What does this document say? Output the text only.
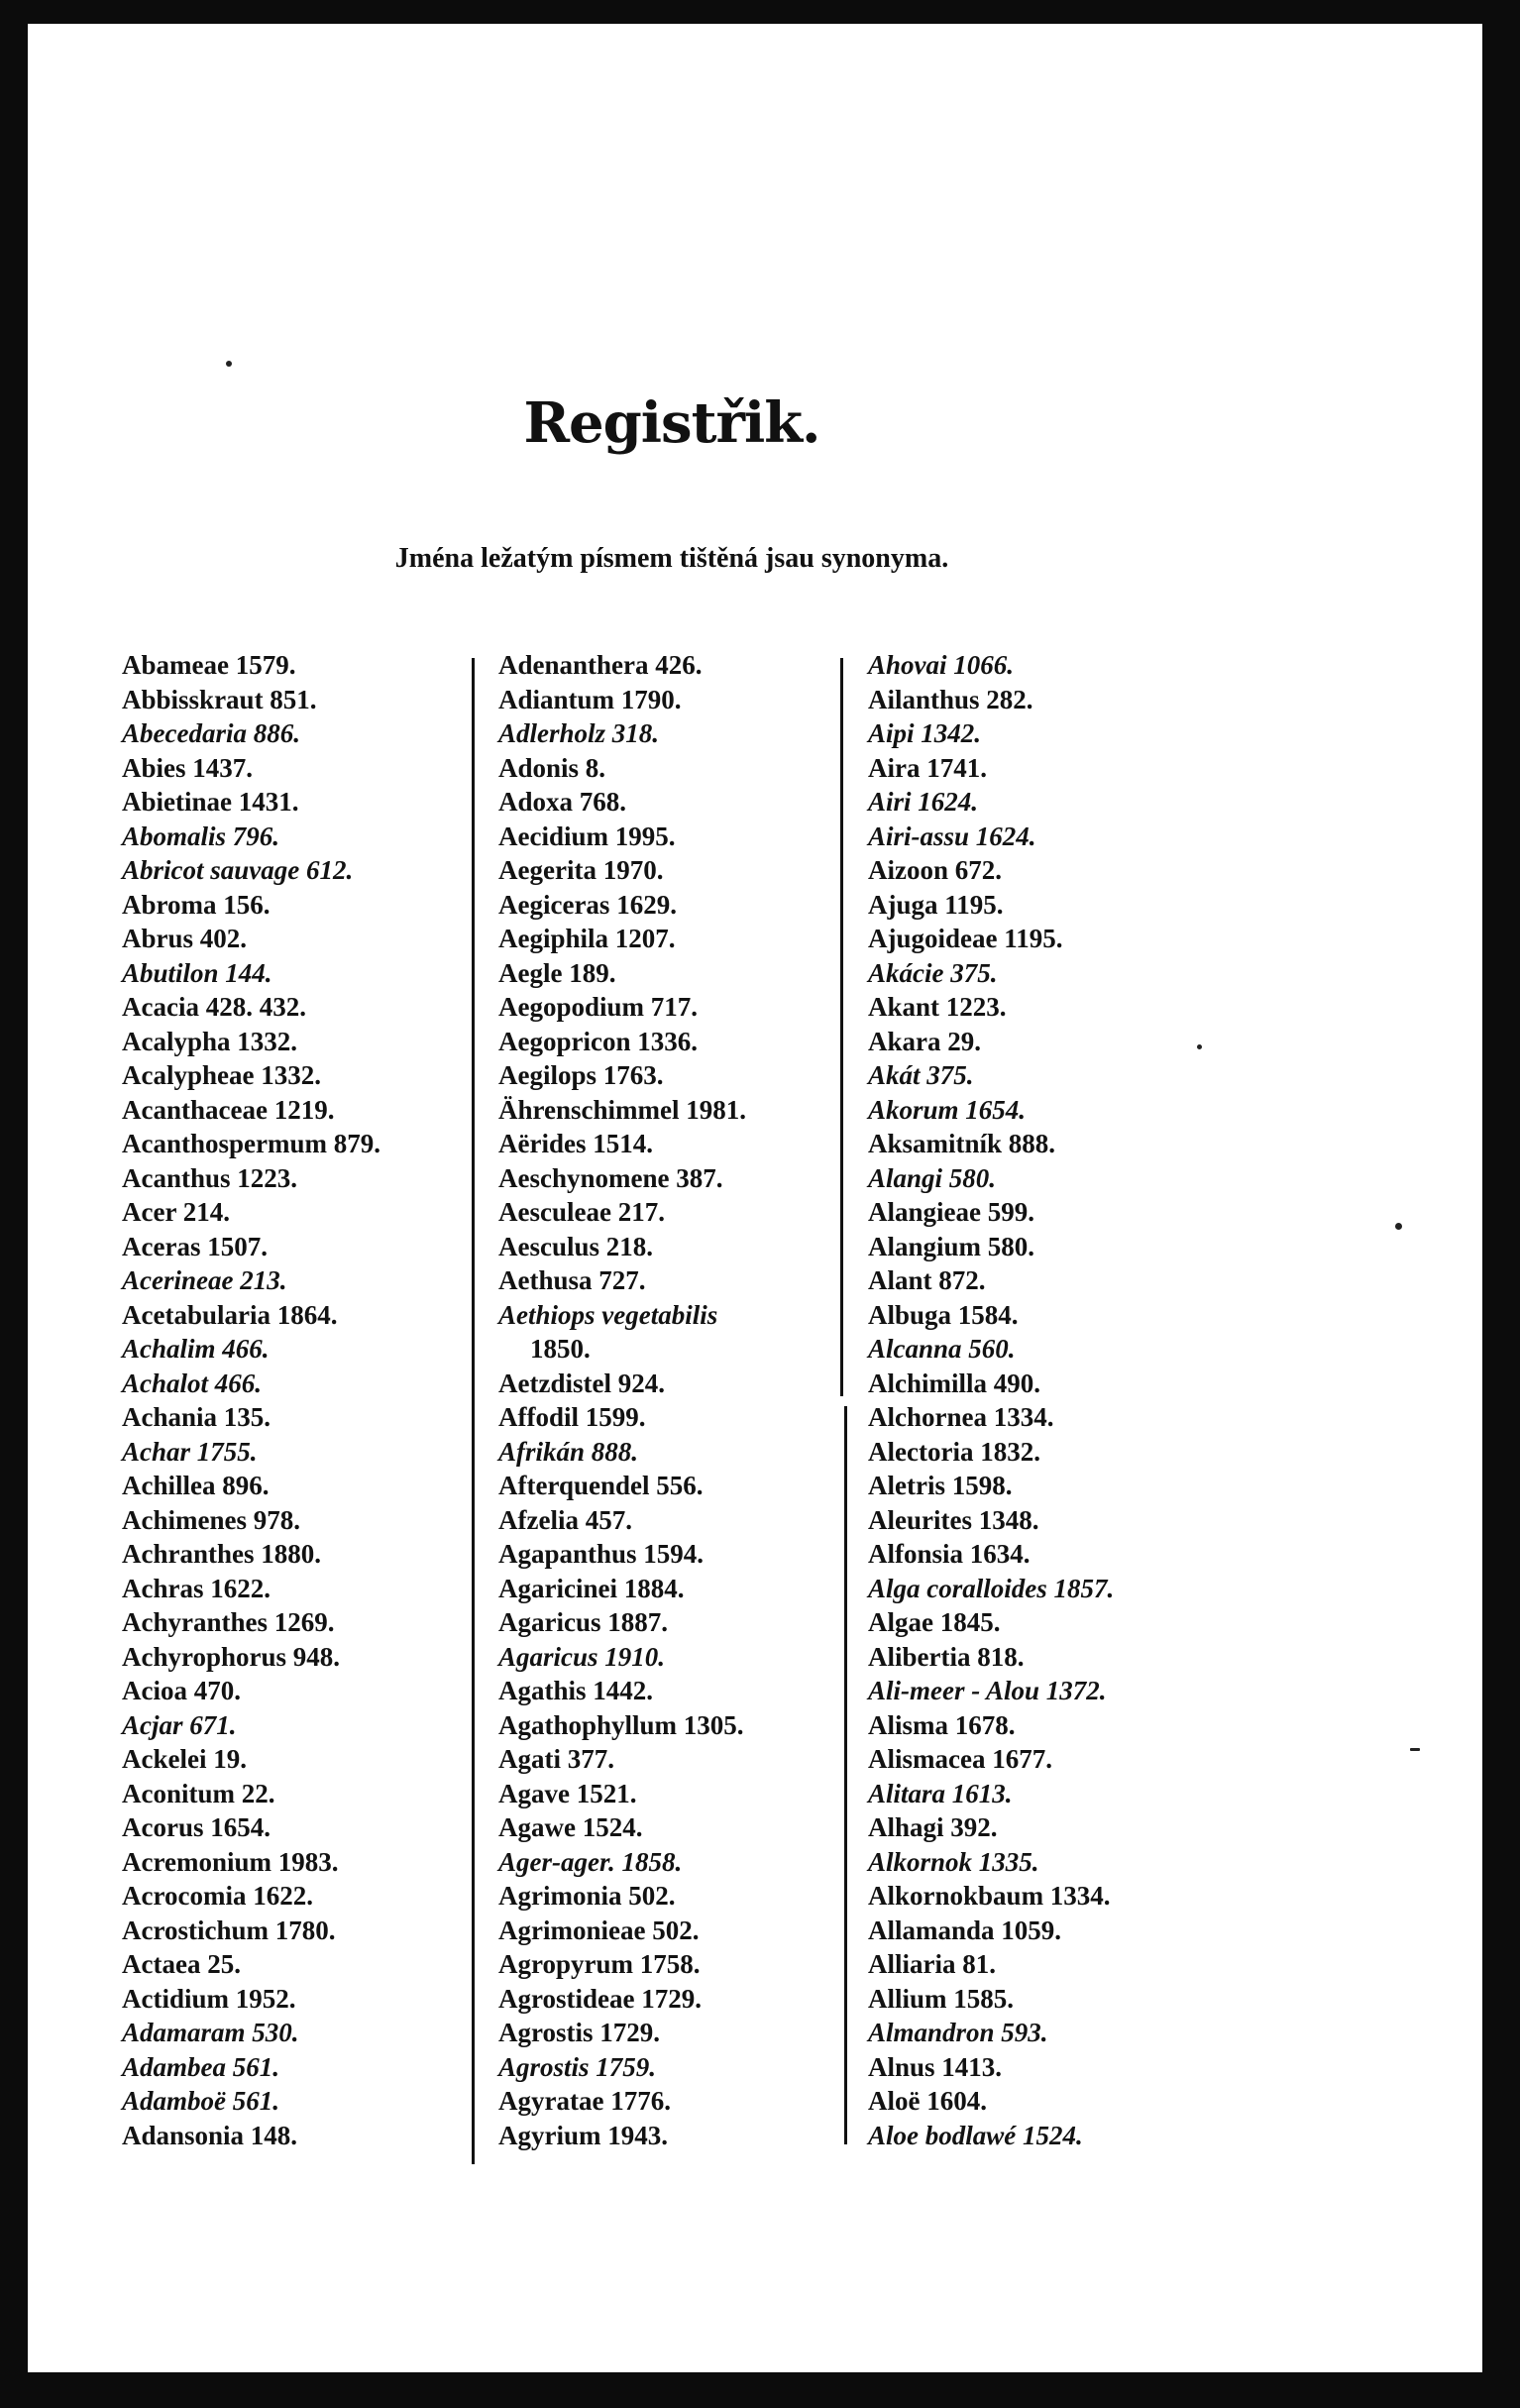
Registřik.
Jména ležatým písmem tištěná jsau synonyma.
Abameae 1579.
Abbisskraut 851.
Abecedaria 886.
Abies 1437.
Abietinae 1431.
Abomalis 796.
Abricot sauvage 612.
Abroma 156.
Abrus 402.
Abutilon 144.
Acacia 428. 432.
Acalypha 1332.
Acalypheae 1332.
Acanthaceae 1219.
Acanthospermum 879.
Acanthus 1223.
Acer 214.
Aceras 1507.
Acerineae 213.
Acetabularia 1864.
Achalim 466.
Achalot 466.
Achania 135.
Achar 1755.
Achillea 896.
Achimenes 978.
Achranthes 1880.
Achras 1622.
Achyranthes 1269.
Achyrophorus 948.
Acioa 470.
Acjar 671.
Ackelei 19.
Aconitum 22.
Acorus 1654.
Acremonium 1983.
Acrocomia 1622.
Acrostichum 1780.
Actaea 25.
Actidium 1952.
Adamaram 530.
Adambea 561.
Adamboë 561.
Adansonia 148.
Adenanthera 426.
Adiantum 1790.
Adlerholz 318.
Adonis 8.
Adoxa 768.
Aecidium 1995.
Aegerita 1970.
Aegiceras 1629.
Aegiphila 1207.
Aegle 189.
Aegopodium 717.
Aegopricon 1336.
Aegilops 1763.
Ährenschimmel 1981.
Aërides 1514.
Aeschynomene 387.
Aesculeae 217.
Aesculus 218.
Aethusa 727.
Aethiops vegetabilis
1850.
Aetzdistel 924.
Affodil 1599.
Afrikán 888.
Afterquendel 556.
Afzelia 457.
Agapanthus 1594.
Agaricinei 1884.
Agaricus 1887.
Agaricus 1910.
Agathis 1442.
Agathophyllum 1305.
Agati 377.
Agave 1521.
Agawe 1524.
Ager-ager. 1858.
Agrimonia 502.
Agrimonieae 502.
Agropyrum 1758.
Agrostideae 1729.
Agrostis 1729.
Agrostis 1759.
Agyratae 1776.
Agyrium 1943.
Ahovai 1066.
Ailanthus 282.
Aipi 1342.
Aira 1741.
Airi 1624.
Airi-assu 1624.
Aizoon 672.
Ajuga 1195.
Ajugoideae 1195.
Akácie 375.
Akant 1223.
Akara 29.
Akát 375.
Akorum 1654.
Aksamitník 888.
Alangi 580.
Alangieae 599.
Alangium 580.
Alant 872.
Albuga 1584.
Alcanna 560.
Alchimilla 490.
Alchornea 1334.
Alectoria 1832.
Aletris 1598.
Aleurites 1348.
Alfonsia 1634.
Alga coralloides 1857.
Algae 1845.
Alibertia 818.
Ali-meer - Alou 1372.
Alisma 1678.
Alismacea 1677.
Alitara 1613.
Alhagi 392.
Alkornok 1335.
Alkornokbaum 1334.
Allamanda 1059.
Alliaria 81.
Allium 1585.
Almandron 593.
Alnus 1413.
Aloë 1604.
Aloe bodlawé 1524.
